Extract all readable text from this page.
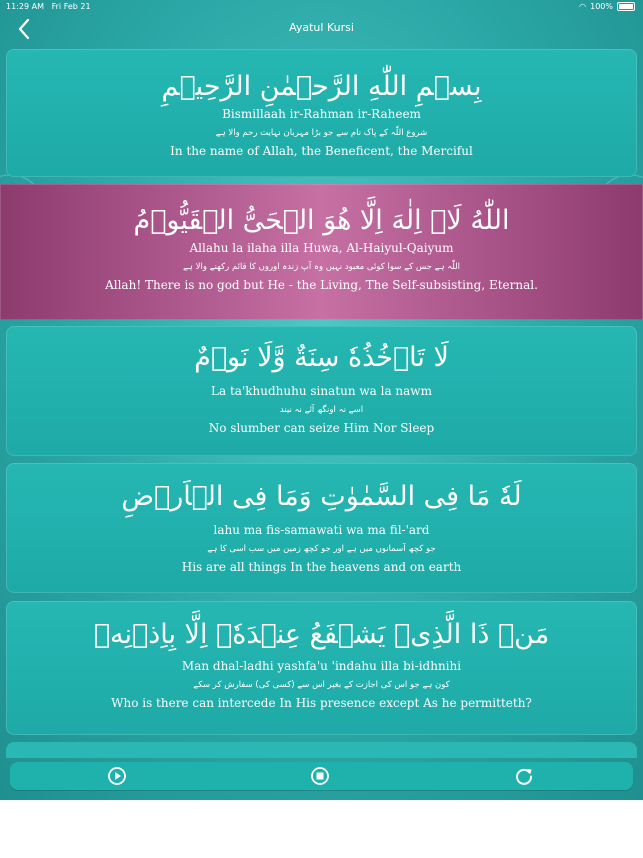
11:29 AM Fri Feb 21	◠ 100%
Ayatul Kursi
بِسۡمِ اللّٰهِ الرَّحۡمٰنِ الرَّحِيۡمِ
Bismillaah ir-Rahman ir-Raheem
شروع اللّٰہ کے پاک نام سے جو بڑا مہربان نہایت رحم والا ہے
In the name of Allah, the Beneficent, the Merciful
اللّٰهُ لَاۤ اِلٰهَ اِلَّا هُوَ الۡحَىُّ الۡقَيُّوۡمُ
Allahu la ilaha illa Huwa, Al-Haiyul-Qaiyum
اللّٰہ ہے جس کے سوا کوئی معبود نہیں وہ آپ زندہ اوروں کا قائم رکھنے والا ہے
Allah! There is no god but He - the Living, The Self-subsisting, Eternal.
لَا تَاۡخُذُهٗ سِنَةٌ وَّلَا نَوۡمٌ
La ta'khudhuhu sinatun wa la nawm
اسے نہ اونگھ آئے نہ نیند
No slumber can seize Him Nor Sleep
لَهٗ مَا فِى السَّمٰوٰتِ وَمَا فِى الۡاَرۡضِ
lahu ma fis-samawati wa ma fil-'ard
جو کچھ آسمانوں میں ہے اور جو کچھ زمین میں سب اسی کا ہے
His are all things In the heavens and on earth
مَنۡ ذَا الَّذِىۡ يَشۡفَعُ عِنۡدَهٗۤ اِلَّا بِاِذۡنِهٖ
Man dhal-ladhi yashfa'u 'indahu illa bi-idhnihi
کون ہے جو اس کی اجازت کے بغیر اس سے (کسی کی) سفارش کر سکے
Who is there can intercede In His presence except As he permitteth?
